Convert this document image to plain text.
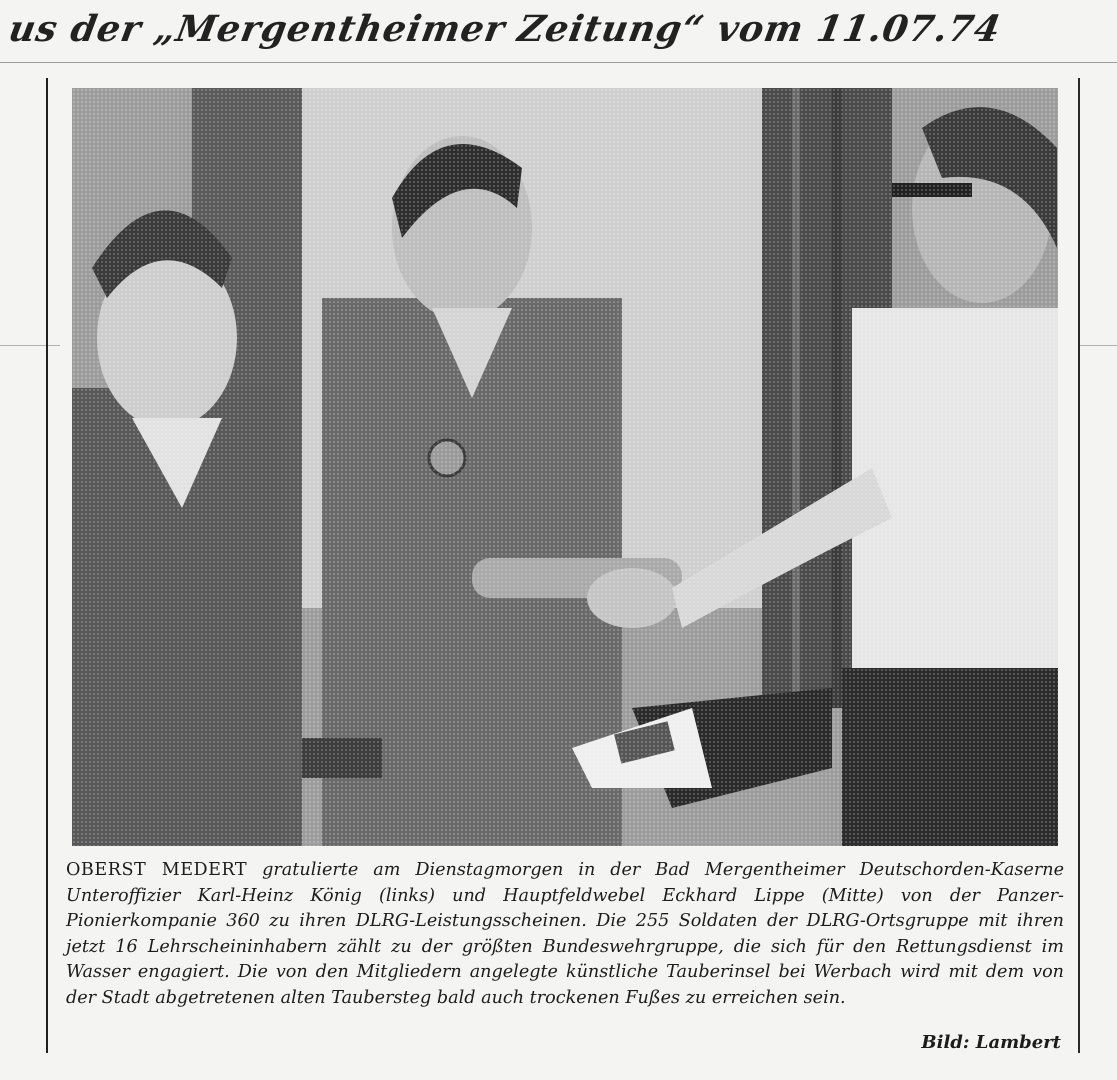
us der „Mergentheimer Zeitung“ vom 11.07.74
OBERST MEDERT gratulierte am Dienstagmorgen in der Bad Mergentheimer Deutschorden-Kaserne Unteroffizier Karl-Heinz König (links) und Hauptfeldwebel Eckhard Lippe (Mitte) von der Panzer-Pionierkompanie 360 zu ihren DLRG-Leistungsscheinen. Die 255 Soldaten der DLRG-Ortsgruppe mit ihren jetzt 16 Lehrscheininhabern zählt zu der größten Bundeswehrgruppe, die sich für den Rettungsdienst im Wasser engagiert. Die von den Mitgliedern angelegte künstliche Tauberinsel bei Werbach wird mit dem von der Stadt abgetretenen alten Taubersteg bald auch trockenen Fußes zu erreichen sein.
Bild: Lambert
